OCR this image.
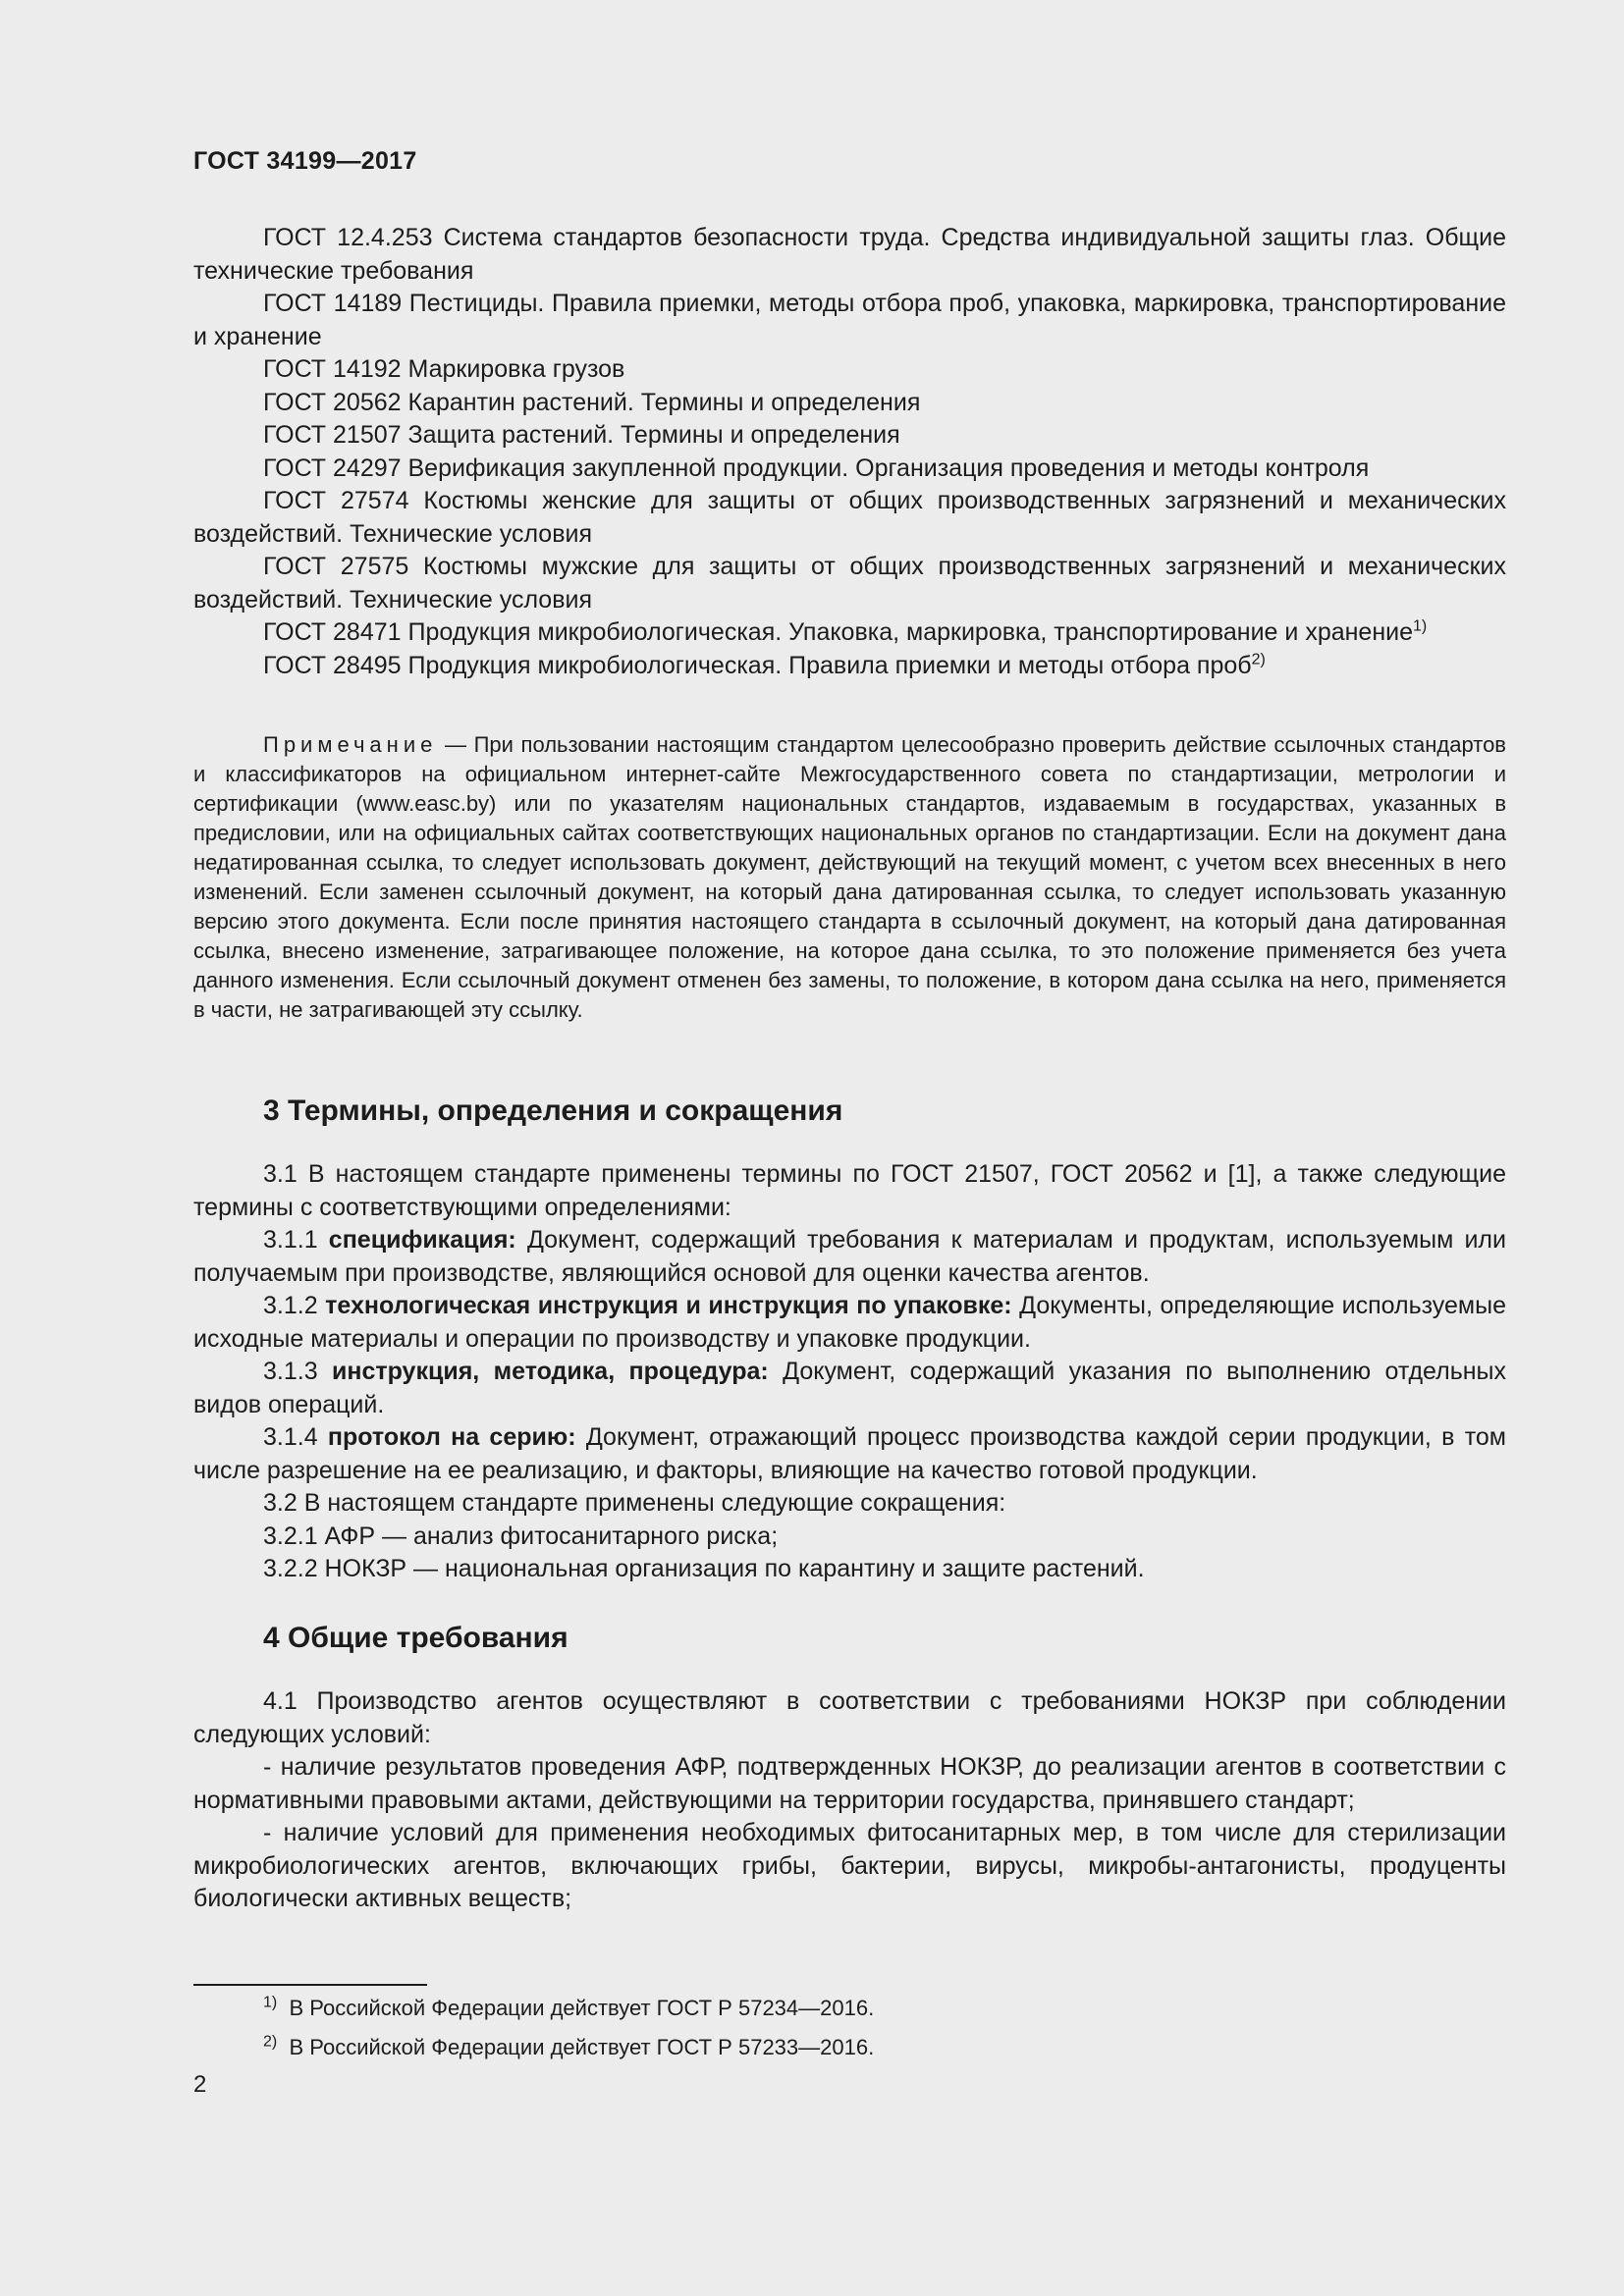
ГОСТ 34199—2017

ГОСТ 12.4.253 Система стандартов безопасности труда. Средства индивидуальной защиты глаз. Общие технические требования

ГОСТ 14189 Пестициды. Правила приемки, методы отбора проб, упаковка, маркировка, транспортирование и хранение

ГОСТ 14192 Маркировка грузов

ГОСТ 20562 Карантин растений. Термины и определения

ГОСТ 21507 Защита растений. Термины и определения

ГОСТ 24297 Верификация закупленной продукции. Организация проведения и методы контроля

ГОСТ 27574 Костюмы женские для защиты от общих производственных загрязнений и механических воздействий. Технические условия

ГОСТ 27575 Костюмы мужские для защиты от общих производственных загрязнений и механических воздействий. Технические условия

ГОСТ 28471 Продукция микробиологическая. Упаковка, маркировка, транспортирование и хранение$^{1)}$

ГОСТ 28495 Продукция микробиологическая. Правила приемки и методы отбора проб$^{2)}$

Примечание — При пользовании настоящим стандартом целесообразно проверить действие ссылочных стандартов и классификаторов на официальном интернет-сайте Межгосударственного совета по стандартизации, метрологии и сертификации (www.easc.by) или по указателям национальных стандартов, издаваемым в государствах, указанных в предисловии, или на официальных сайтах соответствующих национальных органов по стандартизации. Если на документ дана недатированная ссылка, то следует использовать документ, действующий на текущий момент, с учетом всех внесенных в него изменений. Если заменен ссылочный документ, на который дана датированная ссылка, то следует использовать указанную версию этого документа. Если после принятия настоящего стандарта в ссылочный документ, на который дана датированная ссылка, внесено изменение, затрагивающее положение, на которое дана ссылка, то это положение применяется без учета данного изменения. Если ссылочный документ отменен без замены, то положение, в котором дана ссылка на него, применяется в части, не затрагивающей эту ссылку.

3 Термины, определения и сокращения

3.1 В настоящем стандарте применены термины по ГОСТ 21507, ГОСТ 20562 и [1], а также следующие термины с соответствующими определениями:

3.1.1 спецификация: Документ, содержащий требования к материалам и продуктам, используемым или получаемым при производстве, являющийся основой для оценки качества агентов.

3.1.2 технологическая инструкция и инструкция по упаковке: Документы, определяющие используемые исходные материалы и операции по производству и упаковке продукции.

3.1.3 инструкция, методика, процедура: Документ, содержащий указания по выполнению отдельных видов операций.

3.1.4 протокол на серию: Документ, отражающий процесс производства каждой серии продукции, в том числе разрешение на ее реализацию, и факторы, влияющие на качество готовой продукции.

3.2 В настоящем стандарте применены следующие сокращения:

3.2.1 АФР — анализ фитосанитарного риска;

3.2.2 НОКЗР — национальная организация по карантину и защите растений.

4 Общие требования

4.1 Производство агентов осуществляют в соответствии с требованиями НОКЗР при соблюдении следующих условий:

- наличие результатов проведения АФР, подтвержденных НОКЗР, до реализации агентов в соответствии с нормативными правовыми актами, действующими на территории государства, принявшего стандарт;

- наличие условий для применения необходимых фитосанитарных мер, в том числе для стерилизации микробиологических агентов, включающих грибы, бактерии, вирусы, микробы-антагонисты, продуценты биологически активных веществ;

$^{1)}$ В Российской Федерации действует ГОСТ Р 57234—2016.

$^{2)}$ В Российской Федерации действует ГОСТ Р 57233—2016.

2
